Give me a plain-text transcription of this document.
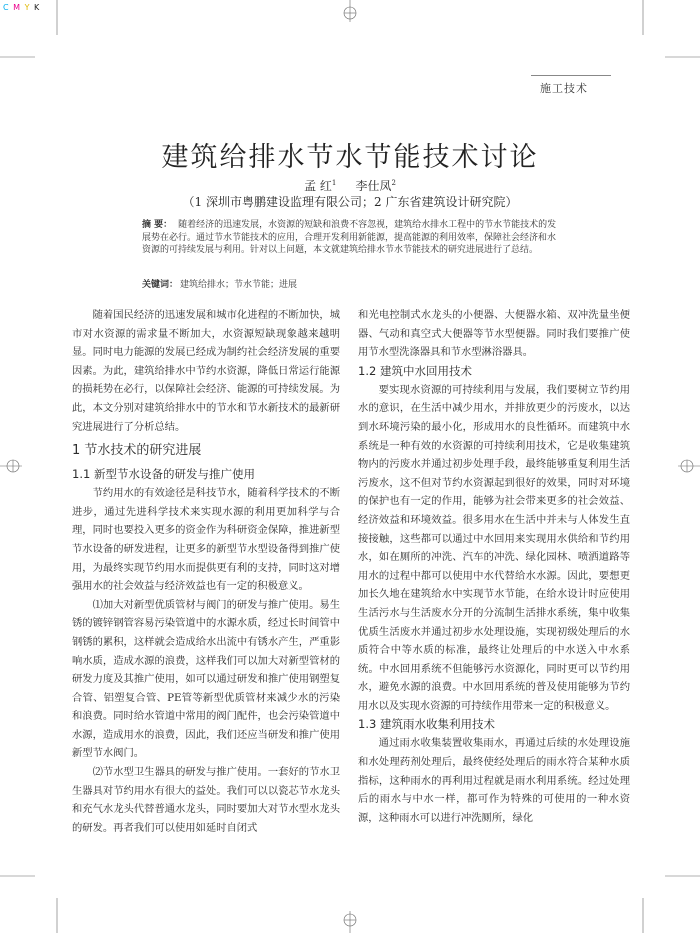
C M Y K
施工技术
建筑给排水节水节能技术讨论
孟 红$^1$ 李仕凤$^2$
（1 深圳市粤鹏建设监理有限公司；2 广东省建筑设计研究院）
摘 要： 随着经济的迅速发展，水资源的短缺和浪费不容忽视，建筑给水排水工程中的节水节能技术的发展势在必行。通过节水节能技术的应用，合理开发利用新能源，提高能源的利用效率，保障社会经济和水资源的可持续发展与利用。针对以上问题，本文就建筑给排水节水节能技术的研究进展进行了总结。
关键词： 建筑给排水；节水节能；进展

随着国民经济的迅速发展和城市化进程的不断加快，城市对水资源的需求量不断加大，水资源短缺现象越来越明显。同时电力能源的发展已经成为制约社会经济发展的重要因素。为此，建筑给排水中节约水资源，降低日常运行能源的损耗势在必行，以保障社会经济、能源的可持续发展。为此，本文分别对建筑给排水中的节水和节水新技术的最新研究进展进行了分析总结。

1 节水技术的研究进展
1.1 新型节水设备的研发与推广使用

节约用水的有效途径是科技节水，随着科学技术的不断进步，通过先进科学技术来实现水源的利用更加科学与合理，同时也要投入更多的资金作为科研资金保障，推进新型节水设备的研发进程，让更多的新型节水型设备得到推广使用，为最终实现节约用水而提供更有利的支持，同时这对增强用水的社会效益与经济效益也有一定的积极意义。

⑴加大对新型优质管材与阀门的研发与推广使用。易生锈的镀锌钢管容易污染管道中的水源水质，经过长时间管中钢锈的累积，这样就会造成给水出流中有锈水产生，严重影响水质，造成水源的浪费，这样我们可以加大对新型管材的研发力度及其推广使用，如可以通过研发和推广使用钢塑复合管、铝塑复合管、PE管等新型优质管材来减少水的污染和浪费。同时给水管道中常用的阀门配件，也会污染管道中水源，造成用水的浪费，因此，我们还应当研发和推广使用新型节水阀门。

⑵节水型卫生器具的研发与推广使用。一套好的节水卫生器具对节约用水有很大的益处。我们可以以瓷芯节水龙头和充气水龙头代替普通水龙头，同时要加大对节水型水龙头的研发。再者我们可以使用如延时自闭式

和光电控制式水龙头的小便器、大便器水箱、双冲洗量坐便器、气动和真空式大便器等节水型便器。同时我们要推广使用节水型洗涤器具和节水型淋浴器具。

1.2 建筑中水回用技术

要实现水资源的可持续利用与发展，我们要树立节约用水的意识，在生活中减少用水，并排放更少的污废水，以达到水环境污染的最小化，形成用水的良性循环。而建筑中水系统是一种有效的水资源的可持续利用技术，它是收集建筑物内的污废水并通过初步处理手段，最终能够重复利用生活污废水，这不但对节约水资源起到很好的效果，同时对环境的保护也有一定的作用，能够为社会带来更多的社会效益、经济效益和环境效益。很多用水在生活中并未与人体发生直接接触，这些都可以通过中水回用来实现用水供给和节约用水，如在厕所的冲洗、汽车的冲洗、绿化园林、喷洒道路等用水的过程中都可以使用中水代替给水水源。因此，要想更加长久地在建筑给水中实现节水节能，在给水设计时应使用生活污水与生活废水分开的分流制生活排水系统，集中收集优质生活废水并通过初步水处理设施，实现初级处理后的水质符合中等水质的标准，最终让处理后的中水送入中水系统。中水回用系统不但能够污水资源化，同时更可以节约用水，避免水源的浪费。中水回用系统的普及使用能够为节约用水以及实现水资源的可持续作用带来一定的积极意义。

1.3 建筑雨水收集利用技术

通过雨水收集装置收集雨水，再通过后续的水处理设施和水处理药剂处理后，最终使经处理后的雨水符合某种水质指标，这种雨水的再利用过程就是雨水利用系统。经过处理后的雨水与中水一样，都可作为特殊的可使用的一种水资源，这种雨水可以进行冲洗厕所，绿化
